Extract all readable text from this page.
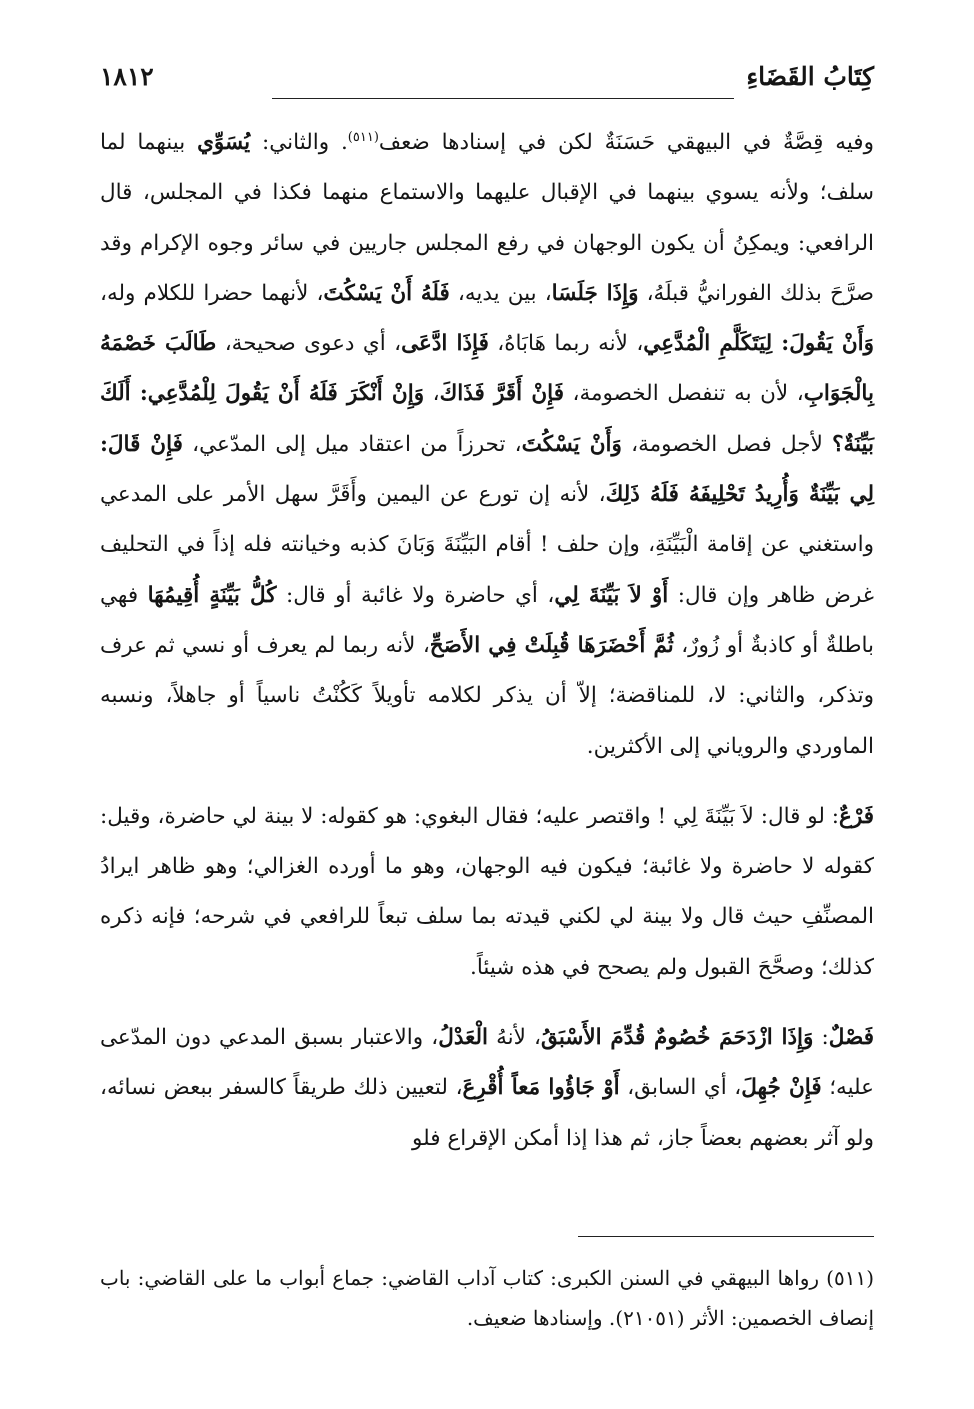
كِتَابُ القَضَاءِ
١٨١٢

وفيه قِصَّةٌ في البيهقي حَسَنَةٌ لكن في إسنادها ضعف$^{(٥١١)}$. والثاني: يُسَوِّي بينهما لما سلف؛ ولأنه يسوي بينهما في الإقبال عليهما والاستماع منهما فكذا في المجلس، قال الرافعي: ويمكِنُ أن يكون الوجهان في رفع المجلس جاريين في سائر وجوه الإكرام وقد صرَّحَ بذلك الفورانيُّ قبلَهُ، وَإِذَا جَلَسَا، بين يديه، فَلَهُ أَنْ يَسْكُتَ، لأنهما حضرا للكلام وله، وَأَنْ يَقُولَ: لِيَتَكَلَّمِ الْمُدَّعِي، لأنه ربما هَابَاهُ، فَإِذَا ادَّعَى، أي دعوى صحيحة، طَالَبَ خَصْمَهُ بِالْجَوَابِ، لأن به تنفصل الخصومة، فَإِنْ أَقَرَّ فَذَاكَ، وَإِنْ أَنْكَرَ فَلَهُ أَنْ يَقُولَ لِلْمُدَّعِي: أَلَكَ بَيِّنَةٌ؟ لأجل فصل الخصومة، وَأَنْ يَسْكُتَ، تحرزاً من اعتقاد ميل إلى المدّعي، فَإِنْ قَالَ: لِي بَيِّنَةٌ وَأُرِيدُ تَحْلِيفَهُ فَلَهُ ذَلِكَ، لأنه إن تورع عن اليمين وأَقَرَّ سهل الأمر على المدعي واستغني عن إقامة الْبَيِّنَةِ، وإن حلف ! أقام البَيِّنَةَ وَبَانَ كذبه وخيانته فله إذاً في التحليف غرض ظاهر وإن قال: أَوْ لاَ بَيِّنَةَ لِي، أي حاضرة ولا غائبة أو قال: كُلُّ بَيِّنَةٍ أُقِيمُهَا فهي باطلةٌ أو كاذبةٌ أو زُورٌ، ثُمَّ أَحْضَرَهَا قُبِلَتْ فِي الأَصَحِّ، لأنه ربما لم يعرف أو نسي ثم عرف وتذكر، والثاني: لا، للمناقضة؛ إلاّ أن يذكر لكلامه تأويلاً كَكُنْتُ ناسياً أو جاهلاً، ونسبه الماوردي والروياني إلى الأكثرين.

فَرْعٌ: لو قال: لاَ بَيِّنَةَ لِي ! واقتصر عليه؛ فقال البغوي: هو كقوله: لا بينة لي حاضرة، وقيل: كقوله لا حاضرة ولا غائبة؛ فيكون فيه الوجهان، وهو ما أورده الغزالي؛ وهو ظاهر ايرادُ المصنِّفِ حيث قال ولا بينة لي لكني قيدته بما سلف تبعاً للرافعي في شرحه؛ فإنه ذكره كذلك؛ وصحَّحَ القبول ولم يصحح في هذه شيئاً.

فَصْلٌ: وَإِذَا ازْدَحَمَ خُصُومٌ قُدِّمَ الأَسْبَقُ، لأنهُ الْعَدْلُ، والاعتبار بسبق المدعي دون المدّعى عليه؛ فَإِنْ جُهِلَ، أي السابق، أَوْ جَاؤُوا مَعاً أُقْرِعَ، لتعيين ذلك طريقاً كالسفر ببعض نسائه، ولو آثر بعضهم بعضاً جاز، ثم هذا إذا أمكن الإقراع فلو

(٥١١) رواها البيهقي في السنن الكبرى: كتاب آداب القاضي: جماع أبواب ما على القاضي: باب إنصاف الخصمين: الأثر (٢١٠٥١). وإسنادها ضعيف.
